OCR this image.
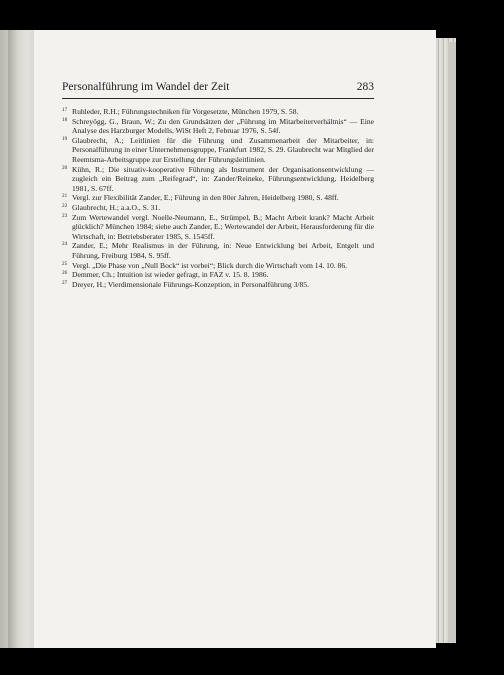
Personalführung im Wandel der Zeit	283
17 Ruhleder, R.H.; Führungstechniken für Vorgesetzte, München 1979, S. 58.
18 Schreyögg, G., Braun, W.; Zu den Grundsätzen der „Führung im Mitarbeiterverhältnis“ — Eine Analyse des Harzburger Modells, WiSt Heft 2, Februar 1976, S. 54f.
19 Glaubrecht, A.; Leitlinien für die Führung und Zusammenarbeit der Mitarbeiter, in: Personalführung in einer Unternehmensgruppe, Frankfurt 1982, S. 29. Glaubrecht war Mitglied der Reemtsma-Arbeitsgruppe zur Erstellung der Führungsleitlinien.
20 Kühn, R.; Die situativ-kooperative Führung als Instrument der Organisationsentwicklung — zugleich ein Beitrag zum „Reifegrad“, in: Zander/Reineke, Führungsentwicklung, Heidelberg 1981, S. 67ff.
21 Vergl. zur Flexibilität Zander, E.; Führung in den 80er Jahren, Heidelberg 1980, S. 48ff.
22 Glaubrecht, H.; a.a.O., S. 31.
23 Zum Wertewandel vergl. Noelle-Neumann, E., Strümpel, B.; Macht Arbeit krank? Macht Arbeit glücklich? München 1984; siehe auch Zander, E.; Wertewandel der Arbeit, Herausforderung für die Wirtschaft, in: Betriebsberater 1985, S. 1545ff.
24 Zander, E.; Mehr Realismus in der Führung, in: Neue Entwicklung bei Arbeit, Entgelt und Führung, Freiburg 1984, S. 95ff.
25 Vergl. „Die Phase von „Null Bock“ ist vorbei“; Blick durch die Wirtschaft vom 14. 10. 86.
26 Demmer, Ch.; Intuition ist wieder gefragt, in FAZ v. 15. 8. 1986.
27 Dreyer, H.; Vierdimensionale Führungs-Konzeption, in Personalführung 3/85.
